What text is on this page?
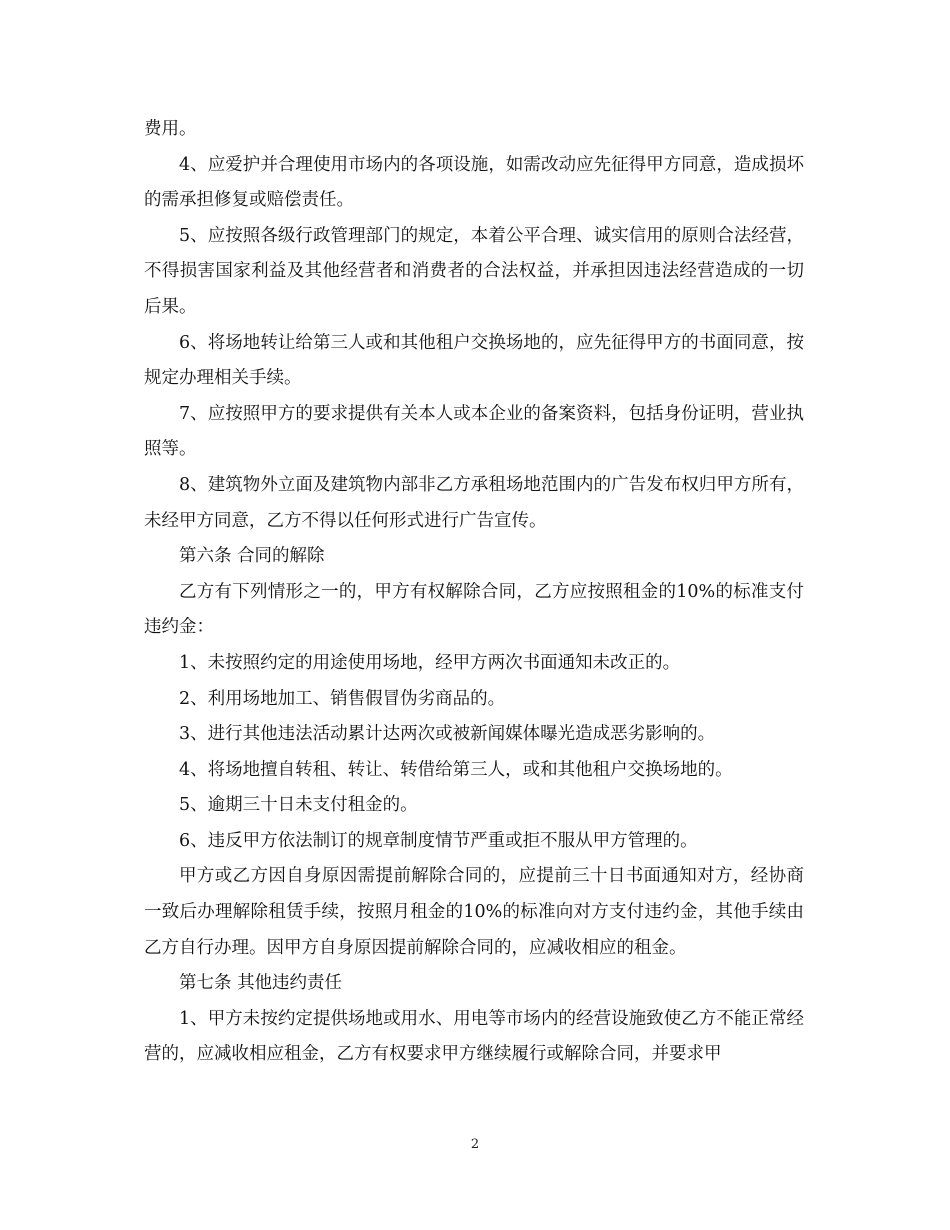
费用。

4、应爱护并合理使用市场内的各项设施，如需改动应先征得甲方同意，造成损坏的需承担修复或赔偿责任。

5、应按照各级行政管理部门的规定，本着公平合理、诚实信用的原则合法经营，不得损害国家利益及其他经营者和消费者的合法权益，并承担因违法经营造成的一切后果。

6、将场地转让给第三人或和其他租户交换场地的，应先征得甲方的书面同意，按规定办理相关手续。

7、应按照甲方的要求提供有关本人或本企业的备案资料，包括身份证明，营业执照等。

8、建筑物外立面及建筑物内部非乙方承租场地范围内的广告发布权归甲方所有，未经甲方同意，乙方不得以任何形式进行广告宣传。

第六条 合同的解除

乙方有下列情形之一的，甲方有权解除合同，乙方应按照租金的10%的标准支付违约金：

1、未按照约定的用途使用场地，经甲方两次书面通知未改正的。

2、利用场地加工、销售假冒伪劣商品的。

3、进行其他违法活动累计达两次或被新闻媒体曝光造成恶劣影响的。

4、将场地擅自转租、转让、转借给第三人，或和其他租户交换场地的。

5、逾期三十日未支付租金的。

6、违反甲方依法制订的规章制度情节严重或拒不服从甲方管理的。

甲方或乙方因自身原因需提前解除合同的，应提前三十日书面通知对方，经协商一致后办理解除租赁手续，按照月租金的10%的标准向对方支付违约金，其他手续由乙方自行办理。因甲方自身原因提前解除合同的，应减收相应的租金。

第七条 其他违约责任

1、甲方未按约定提供场地或用水、用电等市场内的经营设施致使乙方不能正常经营的，应减收相应租金，乙方有权要求甲方继续履行或解除合同，并要求甲

2
